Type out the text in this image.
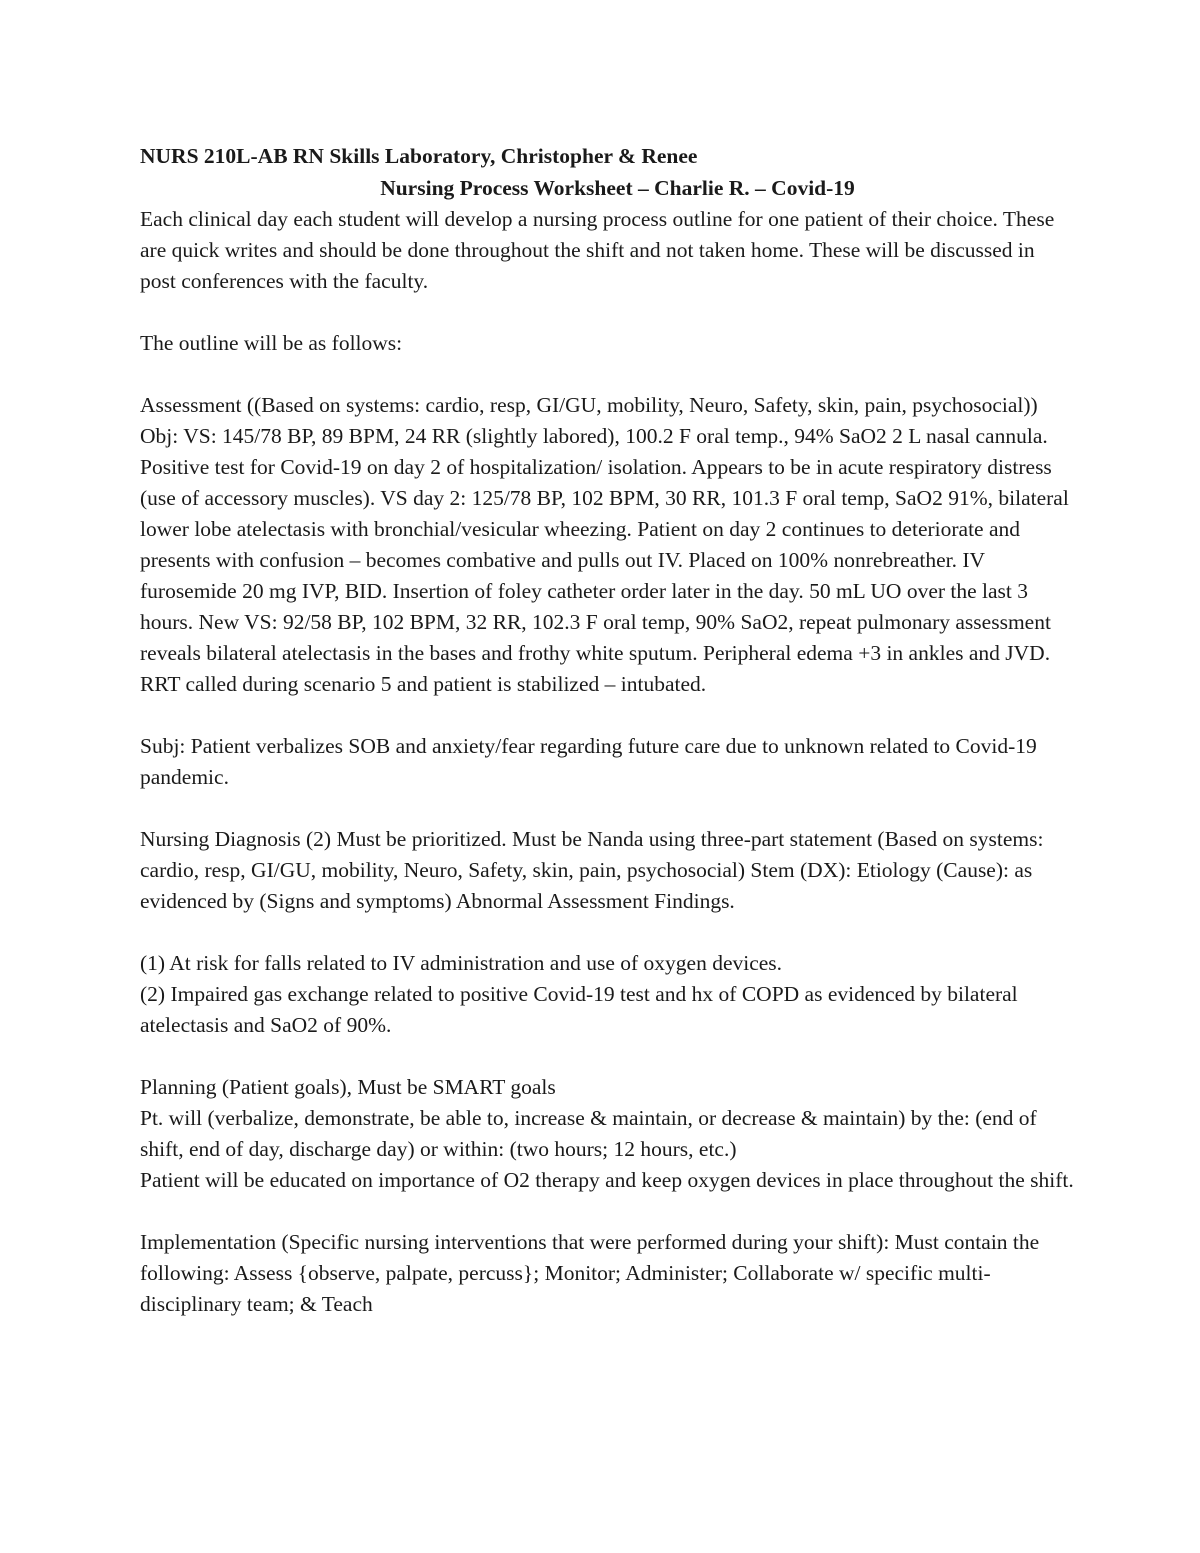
NURS 210L-AB RN Skills Laboratory, Christopher & Renee

Nursing Process Worksheet – Charlie R. – Covid-19

Each clinical day each student will develop a nursing process outline for one patient of their choice. These are quick writes and should be done throughout the shift and not taken home. These will be discussed in post conferences with the faculty.

The outline will be as follows:

Assessment ((Based on systems: cardio, resp, GI/GU, mobility, Neuro, Safety, skin, pain, psychosocial))

Obj: VS: 145/78 BP, 89 BPM, 24 RR (slightly labored), 100.2 F oral temp., 94% SaO2 2 L nasal cannula. Positive test for Covid-19 on day 2 of hospitalization/ isolation. Appears to be in acute respiratory distress (use of accessory muscles). VS day 2: 125/78 BP, 102 BPM, 30 RR, 101.3 F oral temp, SaO2 91%, bilateral lower lobe atelectasis with bronchial/vesicular wheezing. Patient on day 2 continues to deteriorate and presents with confusion – becomes combative and pulls out IV. Placed on 100% nonrebreather. IV furosemide 20 mg IVP, BID. Insertion of foley catheter order later in the day. 50 mL UO over the last 3 hours. New VS: 92/58 BP, 102 BPM, 32 RR, 102.3 F oral temp, 90% SaO2, repeat pulmonary assessment reveals bilateral atelectasis in the bases and frothy white sputum. Peripheral edema +3 in ankles and JVD. RRT called during scenario 5 and patient is stabilized – intubated.

Subj: Patient verbalizes SOB and anxiety/fear regarding future care due to unknown related to Covid-19 pandemic.

Nursing Diagnosis (2) Must be prioritized. Must be Nanda using three-part statement (Based on systems: cardio, resp, GI/GU, mobility, Neuro, Safety, skin, pain, psychosocial) Stem (DX): Etiology (Cause): as evidenced by (Signs and symptoms) Abnormal Assessment Findings.

(1) At risk for falls related to IV administration and use of oxygen devices.

(2) Impaired gas exchange related to positive Covid-19 test and hx of COPD as evidenced by bilateral atelectasis and SaO2 of 90%.

Planning (Patient goals), Must be SMART goals

Pt. will (verbalize, demonstrate, be able to, increase & maintain, or decrease & maintain) by the: (end of shift, end of day, discharge day) or within: (two hours; 12 hours, etc.)

Patient will be educated on importance of O2 therapy and keep oxygen devices in place throughout the shift.

Implementation (Specific nursing interventions that were performed during your shift): Must contain the following: Assess {observe, palpate, percuss}; Monitor; Administer; Collaborate w/ specific multi-disciplinary team; & Teach
